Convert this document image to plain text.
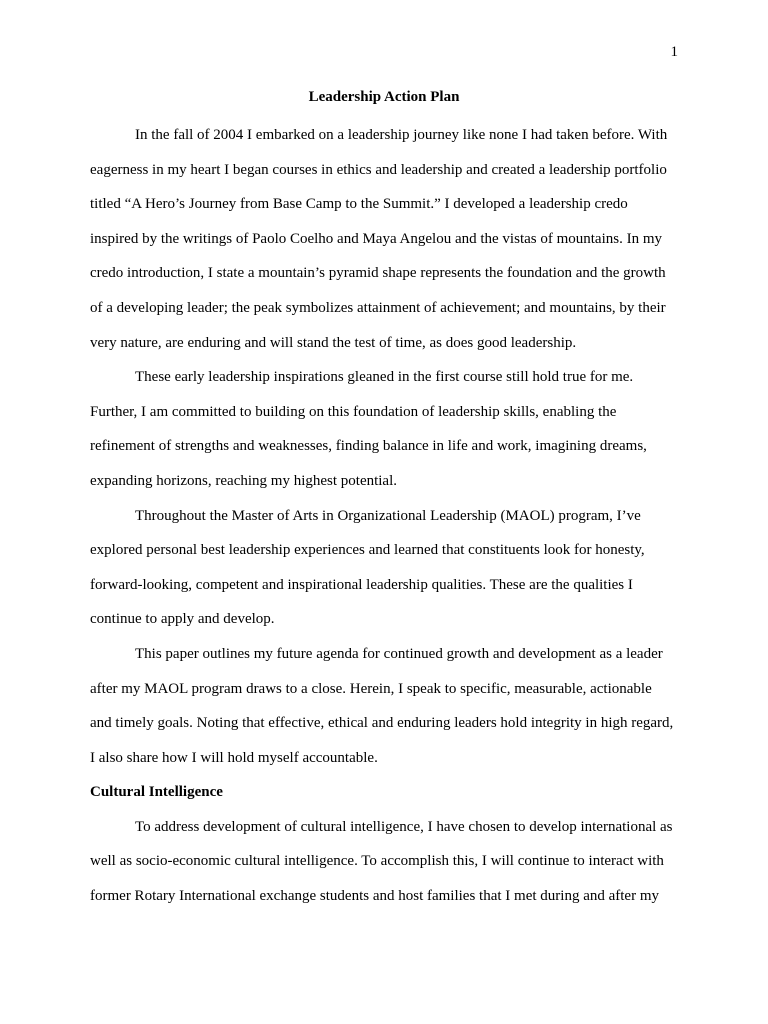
1
Leadership Action Plan
In the fall of 2004 I embarked on a leadership journey like none I had taken before. With
eagerness in my heart I began courses in ethics and leadership and created a leadership portfolio
titled “A Hero’s Journey from Base Camp to the Summit.” I developed a leadership credo
inspired by the writings of Paolo Coelho and Maya Angelou and the vistas of mountains. In my
credo introduction, I state a mountain’s pyramid shape represents the foundation and the growth
of a developing leader; the peak symbolizes attainment of achievement; and mountains, by their
very nature, are enduring and will stand the test of time, as does good leadership.
These early leadership inspirations gleaned in the first course still hold true for me.
Further, I am committed to building on this foundation of leadership skills, enabling the
refinement of strengths and weaknesses, finding balance in life and work, imagining dreams,
expanding horizons, reaching my highest potential.
Throughout the Master of Arts in Organizational Leadership (MAOL) program, I’ve
explored personal best leadership experiences and learned that constituents look for honesty,
forward-looking, competent and inspirational leadership qualities. These are the qualities I
continue to apply and develop.
This paper outlines my future agenda for continued growth and development as a leader
after my MAOL program draws to a close. Herein, I speak to specific, measurable, actionable
and timely goals. Noting that effective, ethical and enduring leaders hold integrity in high regard,
I also share how I will hold myself accountable.
Cultural Intelligence
To address development of cultural intelligence, I have chosen to develop international as
well as socio-economic cultural intelligence. To accomplish this, I will continue to interact with
former Rotary International exchange students and host families that I met during and after my
